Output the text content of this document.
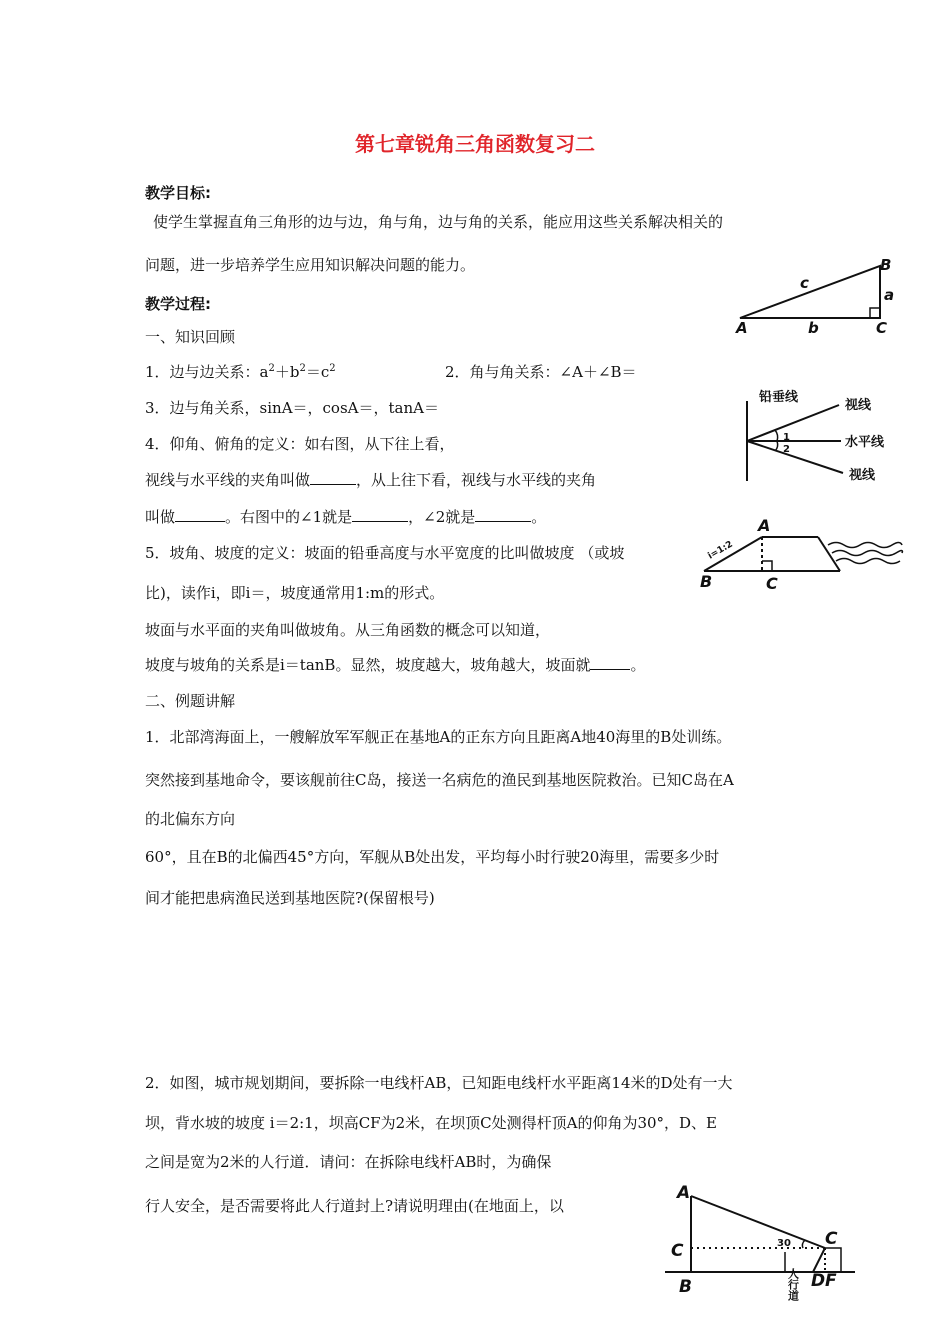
第七章锐角三角函数复习二
教学目标:
使学生掌握直角三角形的边与边，角与角，边与角的关系，能应用这些关系解决相关的
问题，进一步培养学生应用知识解决问题的能力。
教学过程:
一、知识回顾
1．边与边关系：$a^2+b^2=c^2$	2．角与角关系：∠A＋∠B＝
3．边与角关系，sinA＝，cosA＝，tanA＝
4．仰角、俯角的定义：如右图，从下往上看，
视线与水平线的夹角叫做	，从上往下看，视线与水平线的夹角
叫做	。右图中的∠1就是	，∠2就是	。
5．坡角、坡度的定义：坡面的铅垂高度与水平宽度的比叫做坡度 （或坡
比)，读作i，即i＝，坡度通常用1:m的形式。
坡面与水平面的夹角叫做坡角。从三角函数的概念可以知道，
坡度与坡角的关系是i＝tanB。显然，坡度越大，坡角越大，坡面就	。
二、例题讲解
1．北部湾海面上，一艘解放军军舰正在基地A的正东方向且距离A地40海里的B处训练。
突然接到基地命令，要该舰前往C岛，接送一名病危的渔民到基地医院救治。已知C岛在A
的北偏东方向
60°，且在B的北偏西45°方向，军舰从B处出发，平均每小时行驶20海里，需要多少时
间才能把患病渔民送到基地医院?(保留根号)
2．如图，城市规划期间，要拆除一电线杆AB，已知距电线杆水平距离14米的D处有一大
坝，背水坡的坡度 i＝2:1，坝高CF为2米，在坝顶C处测得杆顶A的仰角为30°，D、E
之间是宽为2米的人行道．请问：在拆除电线杆AB时，为确保
行人安全，是否需要将此人行道封上?请说明理由(在地面上，以
c
a
b
A
B
C
铅垂线
视线
水平线
视线
1
2
A
B	C
i=1:2
A
C
B
C
D F
30
人行道
